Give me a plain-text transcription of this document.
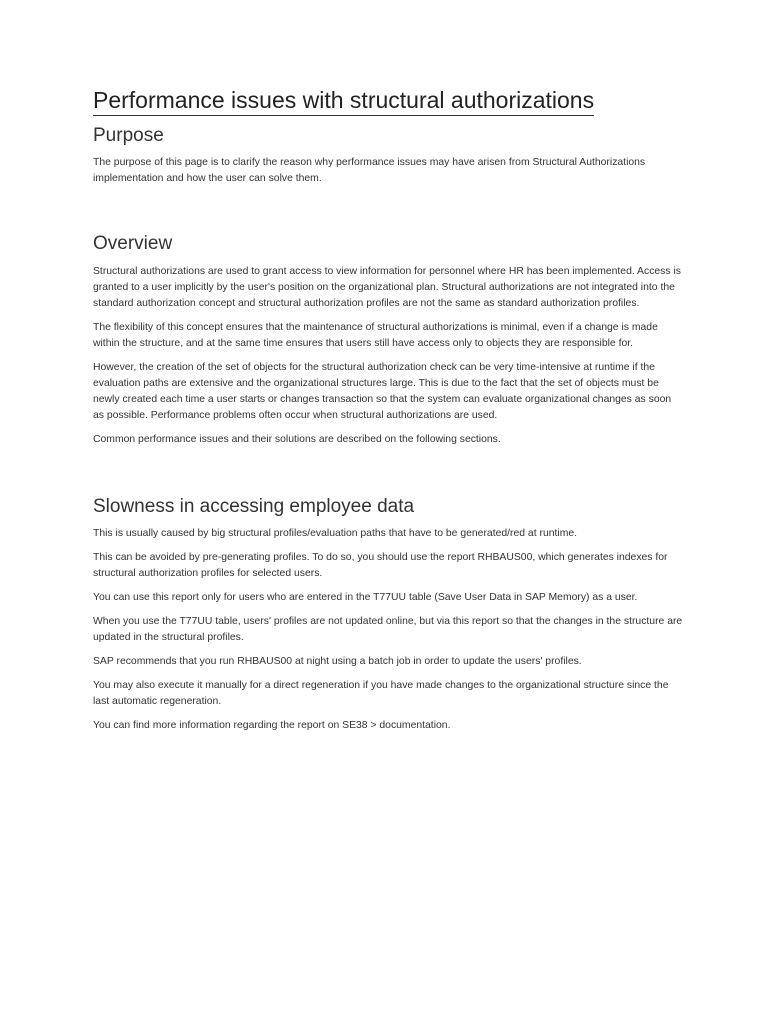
Performance issues with structural authorizations
Purpose

The purpose of this page is to clarify the reason why performance issues may have arisen from Structural Authorizations implementation and how the user can solve them.

Overview

Structural authorizations are used to grant access to view information for personnel where HR has been implemented. Access is granted to a user implicitly by the user's position on the organizational plan. Structural authorizations are not integrated into the standard authorization concept and structural authorization profiles are not the same as standard authorization profiles.

The flexibility of this concept ensures that the maintenance of structural authorizations is minimal, even if a change is made within the structure, and at the same time ensures that users still have access only to objects they are responsible for.

However, the creation of the set of objects for the structural authorization check can be very time-intensive at runtime if the evaluation paths are extensive and the organizational structures large. This is due to the fact that the set of objects must be newly created each time a user starts or changes transaction so that the system can evaluate organizational changes as soon as possible. Performance problems often occur when structural authorizations are used.

Common performance issues and their solutions are described on the following sections.

Slowness in accessing employee data

This is usually caused by big structural profiles/evaluation paths that have to be generated/red at runtime.

This can be avoided by pre-generating profiles. To do so, you should use the report RHBAUS00, which generates indexes for structural authorization profiles for selected users.

You can use this report only for users who are entered in the T77UU table (Save User Data in SAP Memory) as a user.

When you use the T77UU table, users' profiles are not updated online, but via this report so that the changes in the structure are updated in the structural profiles.

SAP recommends that you run RHBAUS00 at night using a batch job in order to update the users' profiles.

You may also execute it manually for a direct regeneration if you have made changes to the organizational structure since the last automatic regeneration.

You can find more information regarding the report on SE38 > documentation.
